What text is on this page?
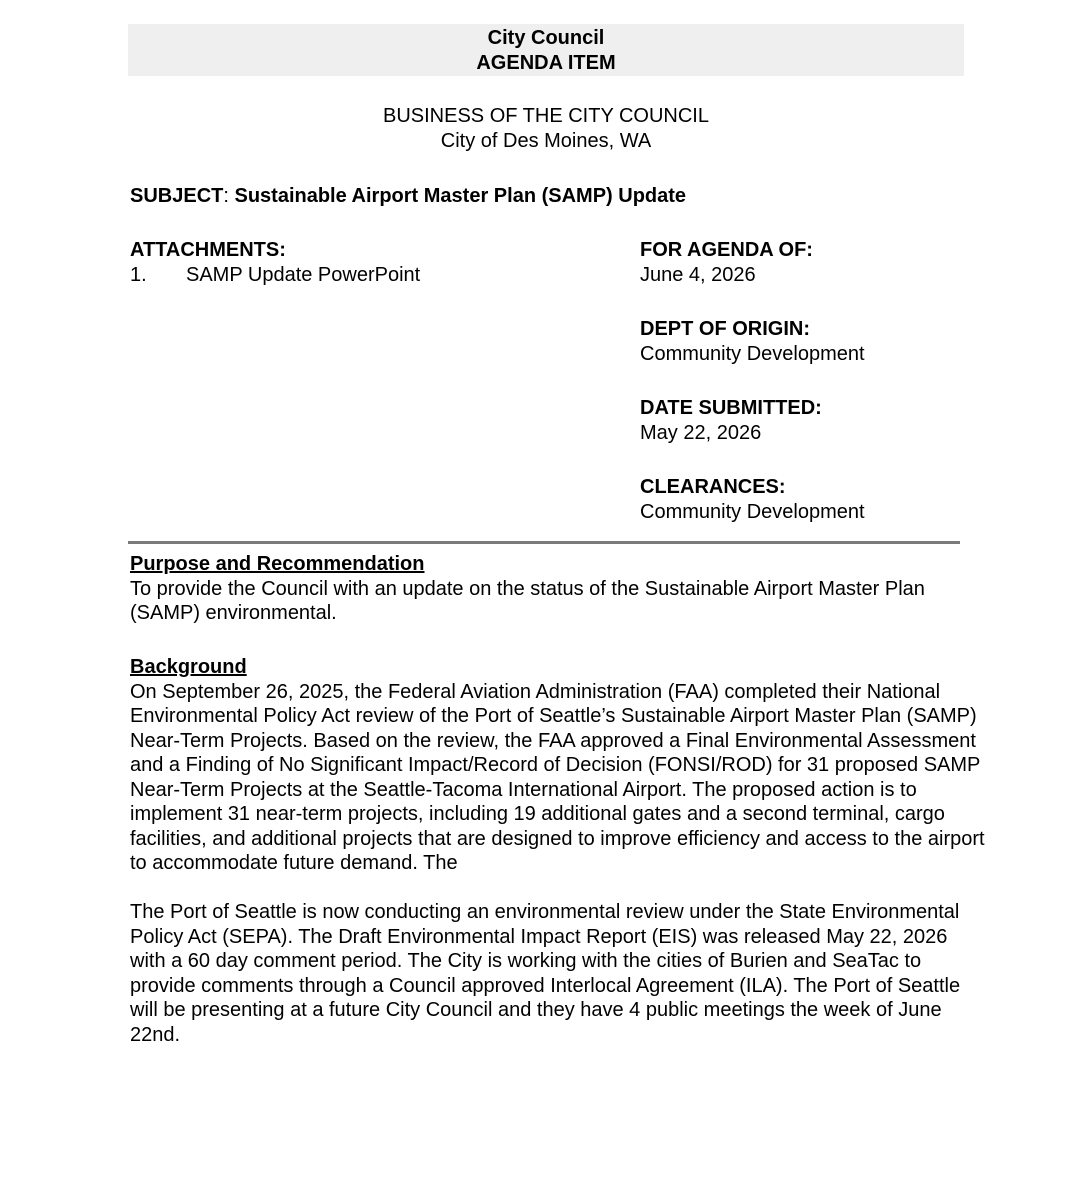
City Council
AGENDA ITEM
BUSINESS OF THE CITY COUNCIL
City of Des Moines, WA
SUBJECT: Sustainable Airport Master Plan (SAMP) Update
ATTACHMENTS:
1. SAMP Update PowerPoint
FOR AGENDA OF:
June 4, 2026
DEPT OF ORIGIN:
Community Development
DATE SUBMITTED:
May 22, 2026
CLEARANCES:
Community Development
Purpose and Recommendation
To provide the Council with an update on the status of the Sustainable Airport Master Plan
(SAMP) environmental.
Background
On September 26, 2025, the Federal Aviation Administration (FAA) completed their National
Environmental Policy Act review of the Port of Seattle’s Sustainable Airport Master Plan (SAMP)
Near-Term Projects. Based on the review, the FAA approved a Final Environmental Assessment
and a Finding of No Significant Impact/Record of Decision (FONSI/ROD) for 31 proposed SAMP
Near-Term Projects at the Seattle-Tacoma International Airport. The proposed action is to
implement 31 near-term projects, including 19 additional gates and a second terminal, cargo
facilities, and additional projects that are designed to improve efficiency and access to the airport
to accommodate future demand. The
The Port of Seattle is now conducting an environmental review under the State Environmental
Policy Act (SEPA). The Draft Environmental Impact Report (EIS) was released May 22, 2026
with a 60 day comment period. The City is working with the cities of Burien and SeaTac to
provide comments through a Council approved Interlocal Agreement (ILA). The Port of Seattle
will be presenting at a future City Council and they have 4 public meetings the week of June
22nd.
